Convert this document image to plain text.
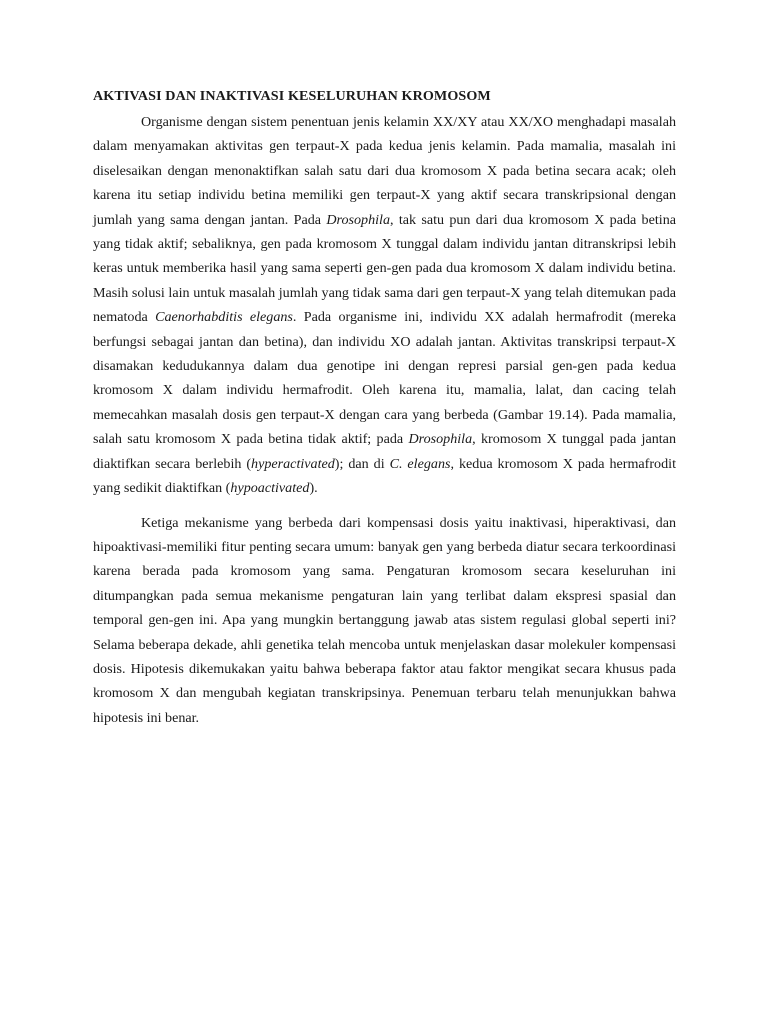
AKTIVASI DAN INAKTIVASI KESELURUHAN KROMOSOM

Organisme dengan sistem penentuan jenis kelamin XX/XY atau XX/XO menghadapi masalah dalam menyamakan aktivitas gen terpaut-X pada kedua jenis kelamin. Pada mamalia, masalah ini diselesaikan dengan menonaktifkan salah satu dari dua kromosom X pada betina secara acak; oleh karena itu setiap individu betina memiliki gen terpaut-X yang aktif secara transkripsional dengan jumlah yang sama dengan jantan. Pada Drosophila, tak satu pun dari dua kromosom X pada betina yang tidak aktif; sebaliknya, gen pada kromosom X tunggal dalam individu jantan ditranskripsi lebih keras untuk memberika hasil yang sama seperti gen-gen pada dua kromosom X dalam individu betina. Masih solusi lain untuk masalah jumlah yang tidak sama dari gen terpaut-X yang telah ditemukan pada nematoda Caenorhabditis elegans. Pada organisme ini, individu XX adalah hermafrodit (mereka berfungsi sebagai jantan dan betina), dan individu XO adalah jantan. Aktivitas transkripsi terpaut-X disamakan kedudukannya dalam dua genotipe ini dengan represi parsial gen-gen pada kedua kromosom X dalam individu hermafrodit. Oleh karena itu, mamalia, lalat, dan cacing telah memecahkan masalah dosis gen terpaut-X dengan cara yang berbeda (Gambar 19.14). Pada mamalia, salah satu kromosom X pada betina tidak aktif; pada Drosophila, kromosom X tunggal pada jantan diaktifkan secara berlebih (hyperactivated); dan di C. elegans, kedua kromosom X pada hermafrodit yang sedikit diaktifkan (hypoactivated).

Ketiga mekanisme yang berbeda dari kompensasi dosis yaitu inaktivasi, hiperaktivasi, dan hipoaktivasi-memiliki fitur penting secara umum: banyak gen yang berbeda diatur secara terkoordinasi karena berada pada kromosom yang sama. Pengaturan kromosom secara keseluruhan ini ditumpangkan pada semua mekanisme pengaturan lain yang terlibat dalam ekspresi spasial dan temporal gen-gen ini. Apa yang mungkin bertanggung jawab atas sistem regulasi global seperti ini? Selama beberapa dekade, ahli genetika telah mencoba untuk menjelaskan dasar molekuler kompensasi dosis. Hipotesis dikemukakan yaitu bahwa beberapa faktor atau faktor mengikat secara khusus pada kromosom X dan mengubah kegiatan transkripsinya. Penemuan terbaru telah menunjukkan bahwa hipotesis ini benar.
